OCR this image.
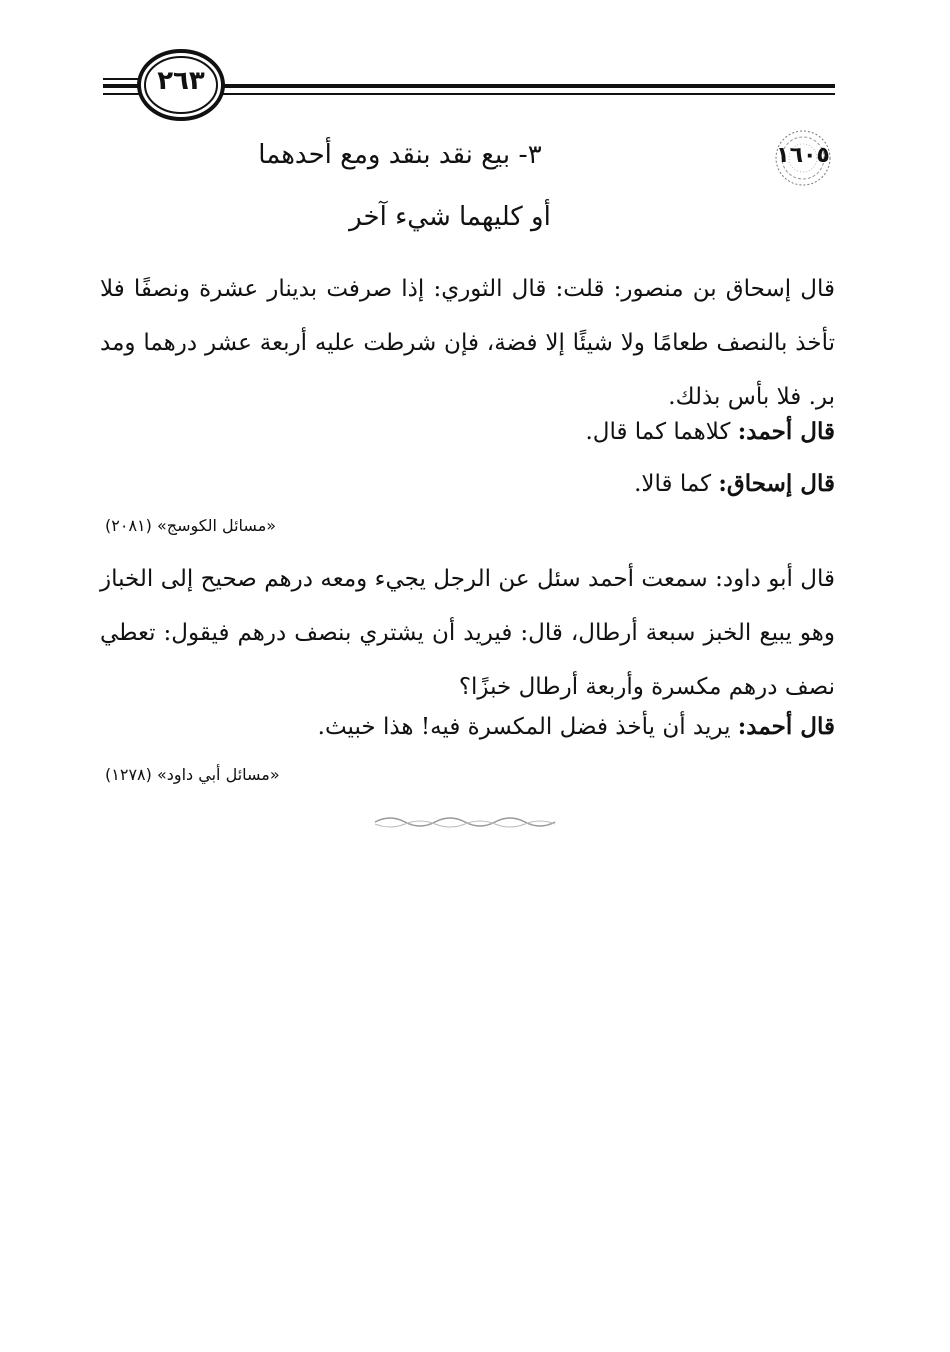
٢٦٣
١٦٠٥
٣- بيع نقد بنقد ومع أحدهما
أو كليهما شيء آخر
قال إسحاق بن منصور: قلت: قال الثوري: إذا صرفت بدينار عشرة ونصفًا فلا تأخذ بالنصف طعامًا ولا شيئًا إلا فضة، فإن شرطت عليه أربعة عشر درهما ومد بر. فلا بأس بذلك.
قال أحمد: كلاهما كما قال.
قال إسحاق: كما قالا.
«مسائل الكوسج» (٢٠٨١)
قال أبو داود: سمعت أحمد سئل عن الرجل يجيء ومعه درهم صحيح إلى الخباز وهو يبيع الخبز سبعة أرطال، قال: فيريد أن يشتري بنصف درهم فيقول: تعطي نصف درهم مكسرة وأربعة أرطال خبزًا؟
قال أحمد: يريد أن يأخذ فضل المكسرة فيه! هذا خبيث.
«مسائل أبي داود» (١٢٧٨)
